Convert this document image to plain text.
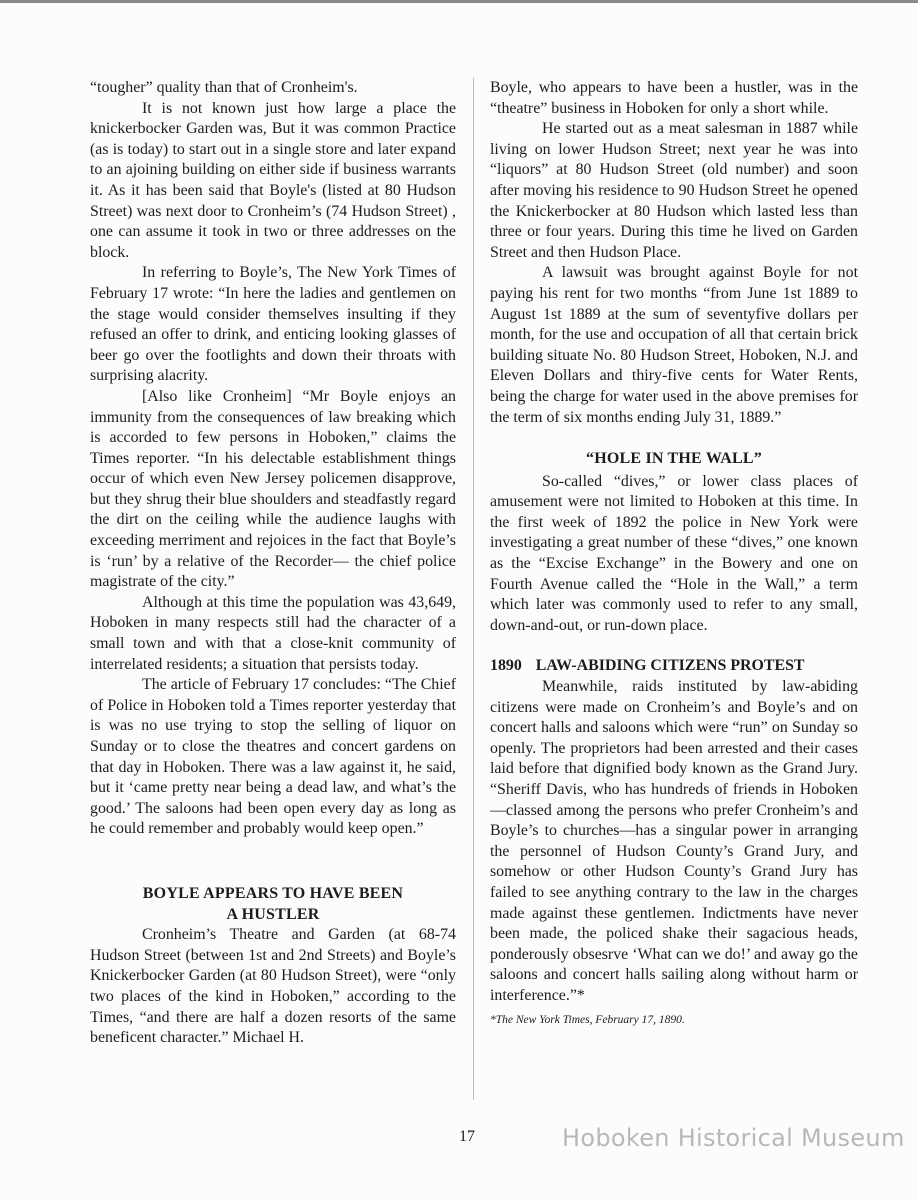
“tougher” quality than that of Cronheim's.

It is not known just how large a place the knickerbocker Garden was, But it was common Practice (as is today) to start out in a single store and later expand to an ajoining building on either side if business warrants it. As it has been said that Boyle's (listed at 80 Hudson Street) was next door to Cronheim’s (74 Hudson Street) , one can assume it took in two or three addresses on the block.

In referring to Boyle’s, The New York Times of February 17 wrote: “In here the ladies and gentlemen on the stage would consider themselves insulting if they refused an offer to drink, and enticing looking glasses of beer go over the footlights and down their throats with surprising alacrity.

[Also like Cronheim] “Mr Boyle enjoys an immunity from the consequences of law breaking which is accorded to few persons in Hoboken,” claims the Times reporter. “In his delectable establishment things occur of which even New Jersey policemen disapprove, but they shrug their blue shoulders and steadfastly regard the dirt on the ceiling while the audience laughs with exceeding merriment and rejoices in the fact that Boyle’s is ‘run’ by a relative of the Recorder— the chief police magistrate of the city.”

Although at this time the population was 43,649, Hoboken in many respects still had the character of a small town and with that a close-knit community of interrelated residents; a situation that persists today.

The article of February 17 concludes: “The Chief of Police in Hoboken told a Times reporter yesterday that is was no use trying to stop the selling of liquor on Sunday or to close the theatres and concert gardens on that day in Hoboken. There was a law against it, he said, but it ‘came pretty near being a dead law, and what’s the good.’ The saloons had been open every day as long as he could remember and probably would keep open.”

BOYLE APPEARS TO HAVE BEEN
A HUSTLER

Cronheim’s Theatre and Garden (at 68-74 Hudson Street (between 1st and 2nd Streets) and Boyle’s Knickerbocker Garden (at 80 Hudson Street), were “only two places of the kind in Hoboken,” according to the Times, “and there are half a dozen resorts of the same beneficent character.” Michael H.

Boyle, who appears to have been a hustler, was in the “theatre” business in Hoboken for only a short while.

He started out as a meat salesman in 1887 while living on lower Hudson Street; next year he was into “liquors” at 80 Hudson Street (old number) and soon after moving his residence to 90 Hudson Street he opened the Knickerbocker at 80 Hudson which lasted less than three or four years. During this time he lived on Garden Street and then Hudson Place.

A lawsuit was brought against Boyle for not paying his rent for two months “from June 1st 1889 to August 1st 1889 at the sum of seventyfive dollars per month, for the use and occupation of all that certain brick building situate No. 80 Hudson Street, Hoboken, N.J. and Eleven Dollars and thiry-five cents for Water Rents, being the charge for water used in the above premises for the term of six months ending July 31, 1889.”

“HOLE IN THE WALL”

So-called “dives,” or lower class places of amusement were not limited to Hoboken at this time. In the first week of 1892 the police in New York were investigating a great number of these “dives,” one known as the “Excise Exchange” in the Bowery and one on Fourth Avenue called the “Hole in the Wall,” a term which later was commonly used to refer to any small, down-and-out, or run-down place.

1890 LAW-ABIDING CITIZENS PROTEST

Meanwhile, raids instituted by law-abiding citizens were made on Cronheim’s and Boyle’s and on concert halls and saloons which were “run” on Sunday so openly. The proprietors had been arrested and their cases laid before that dignified body known as the Grand Jury. “Sheriff Davis, who has hundreds of friends in Hoboken—classed among the persons who prefer Cronheim’s and Boyle’s to churches—has a singular power in arranging the personnel of Hudson County’s Grand Jury, and somehow or other Hudson County’s Grand Jury has failed to see anything contrary to the law in the charges made against these gentlemen. Indictments have never been made, the policed shake their sagacious heads, ponderously obsesrve ‘What can we do!’ and away go the saloons and concert halls sailing along without harm or interference.”*

*The New York Times, February 17, 1890.
17	Hoboken Historical Museum
